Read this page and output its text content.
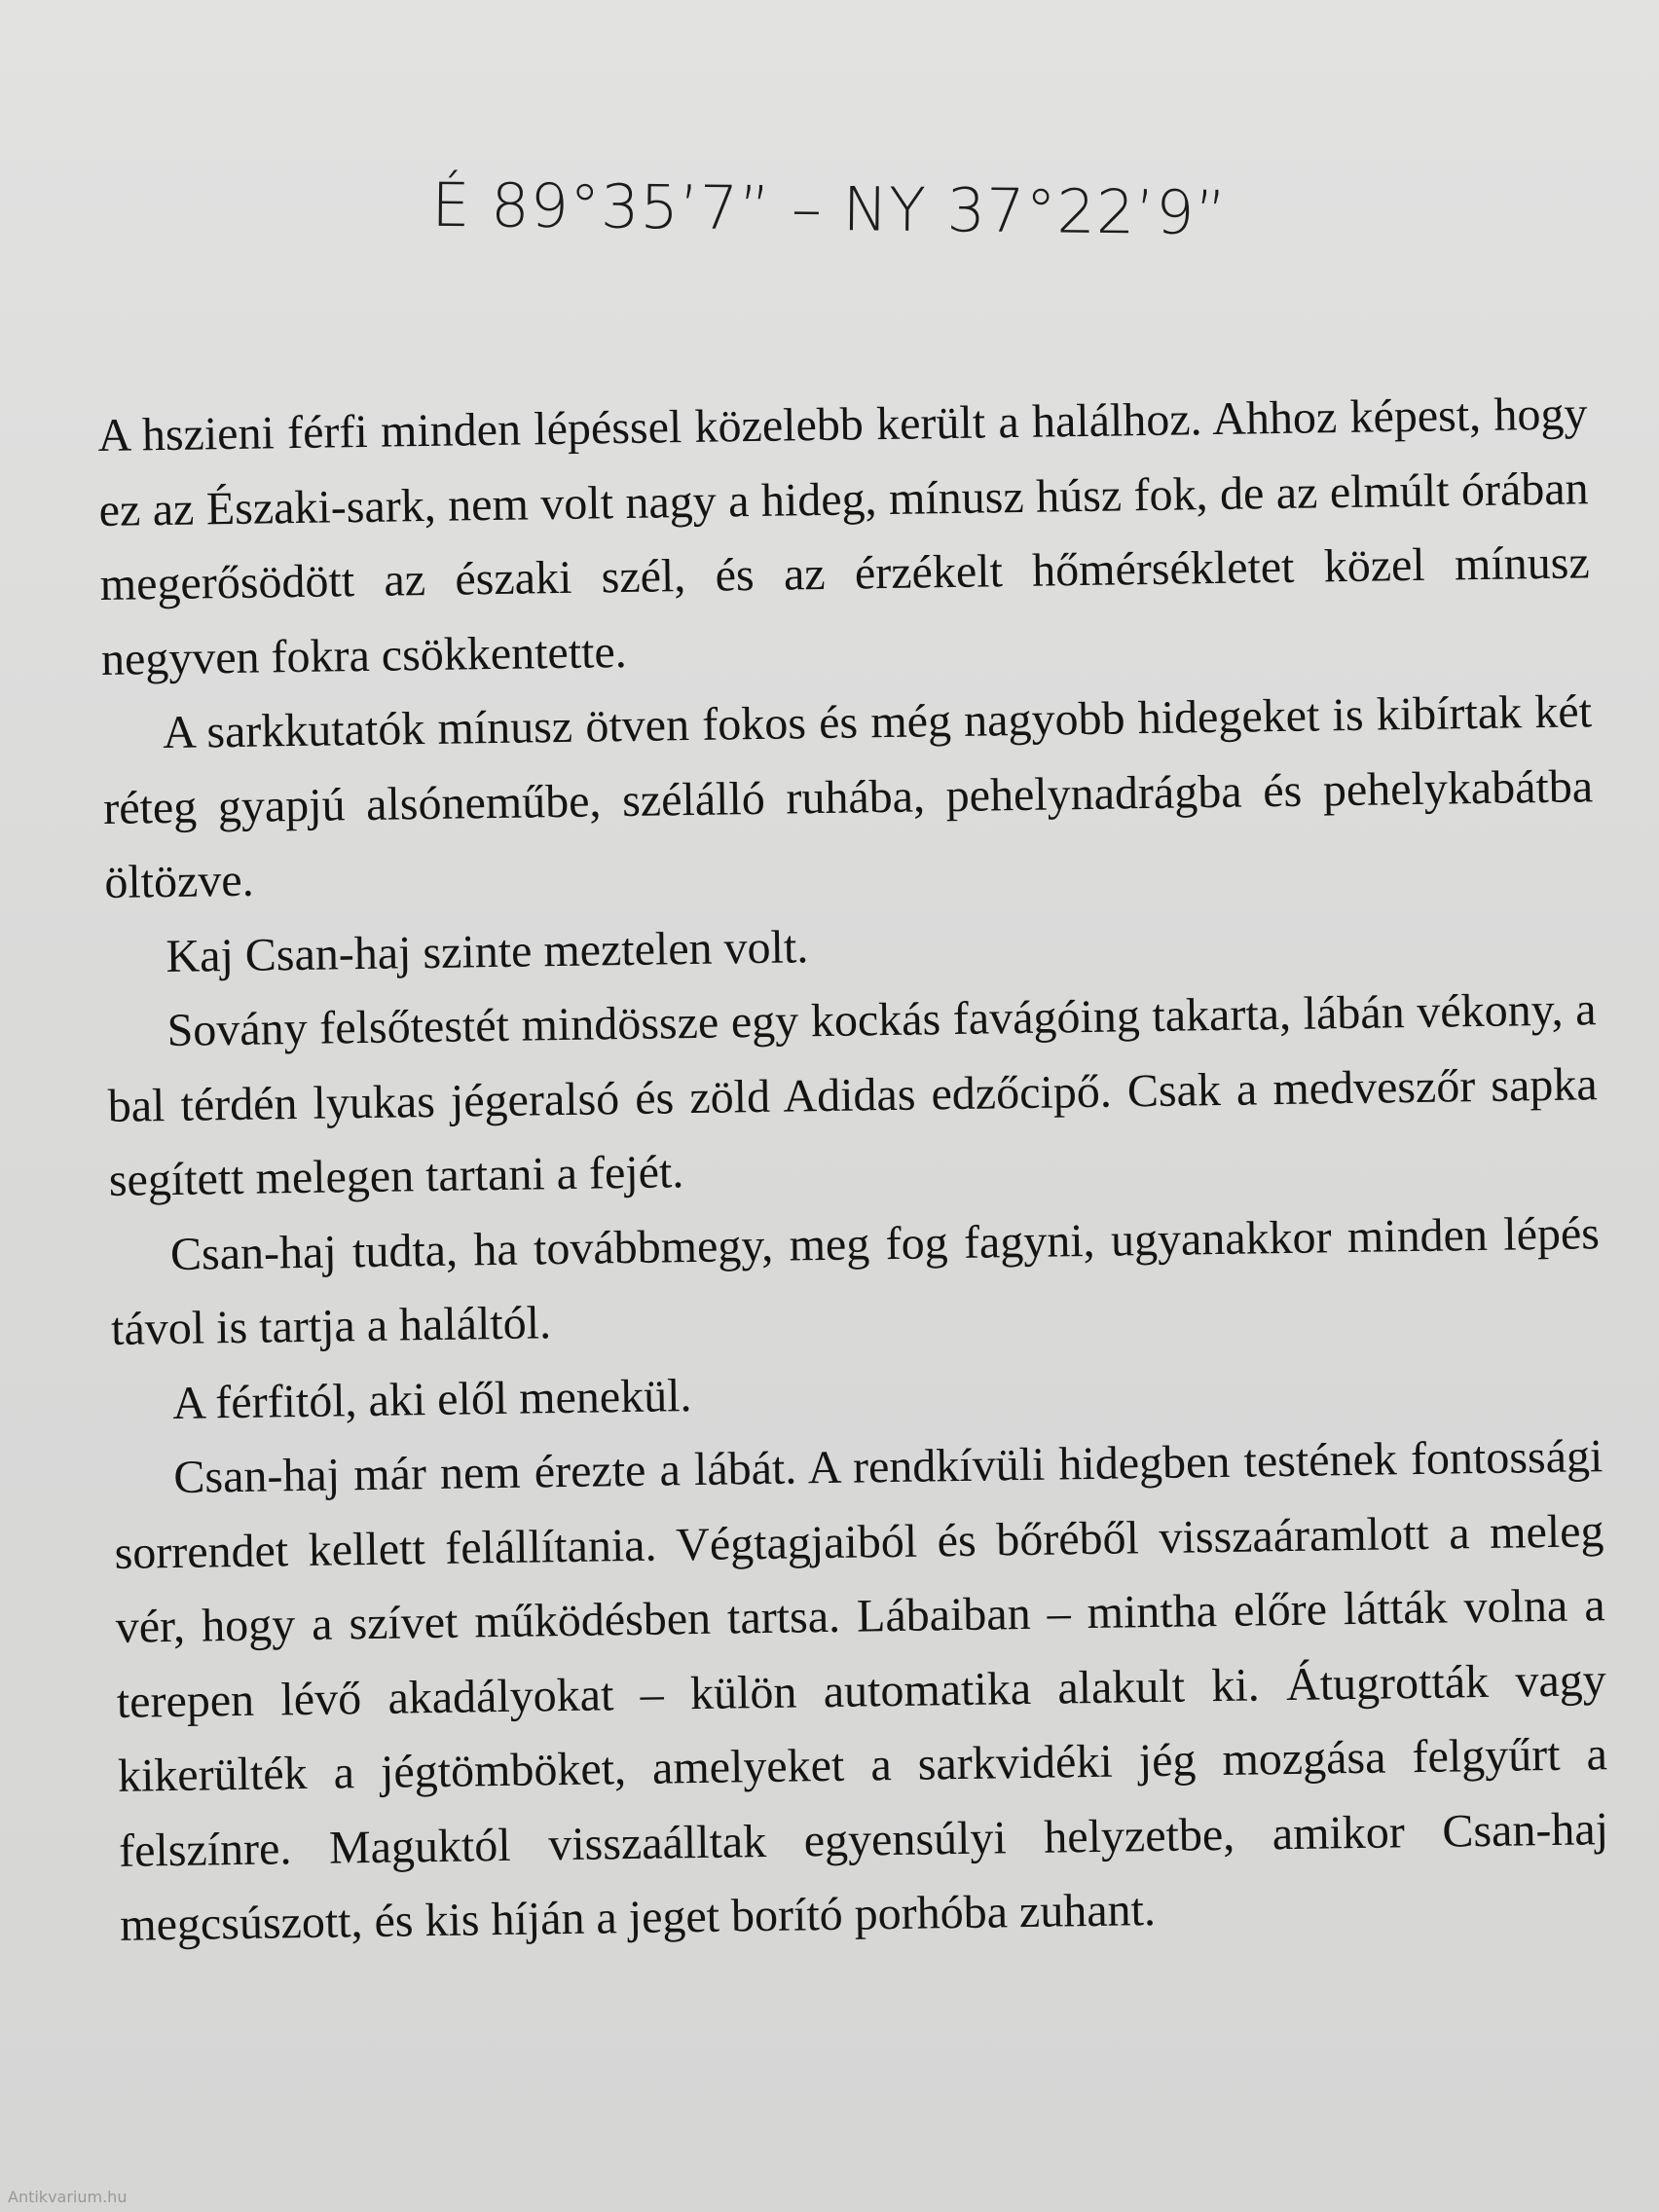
É 89°35’7” – NY 37°22’9”

A hszieni férfi minden lépéssel közelebb került a halálhoz. Ahhoz képest, hogy ez az Északi-sark, nem volt nagy a hideg, mínusz húsz fok, de az elmúlt órában megerősödött az északi szél, és az érzékelt hőmérsékletet közel mínusz negyven fokra csökkentette.

A sarkkutatók mínusz ötven fokos és még nagyobb hidegeket is kibírtak két réteg gyapjú alsóneműbe, szélálló ruhába, pehelynadrágba és pehelykabátba öltözve.

Kaj Csan-haj szinte meztelen volt.

Sovány felsőtestét mindössze egy kockás favágóing takarta, lábán vékony, a bal térdén lyukas jégeralsó és zöld Adidas edzőcipő. Csak a medveszőr sapka segített melegen tartani a fejét.

Csan-haj tudta, ha továbbmegy, meg fog fagyni, ugyanakkor minden lépés távol is tartja a haláltól.

A férfitól, aki elől menekül.

Csan-haj már nem érezte a lábát. A rendkívüli hidegben testének fontossági sorrendet kellett felállítania. Végtagjaiból és bőréből visszaáramlott a meleg vér, hogy a szívet működésben tartsa. Lábaiban – mintha előre látták volna a terepen lévő akadályokat – külön automatika alakult ki. Átugrották vagy kikerülték a jégtömböket, amelyeket a sarkvidéki jég mozgása felgyűrt a felszínre. Maguktól visszaálltak egyensúlyi helyzetbe, amikor Csan-haj megcsúszott, és kis híján a jeget borító porhóba zuhant.

Antikvarium.hu
